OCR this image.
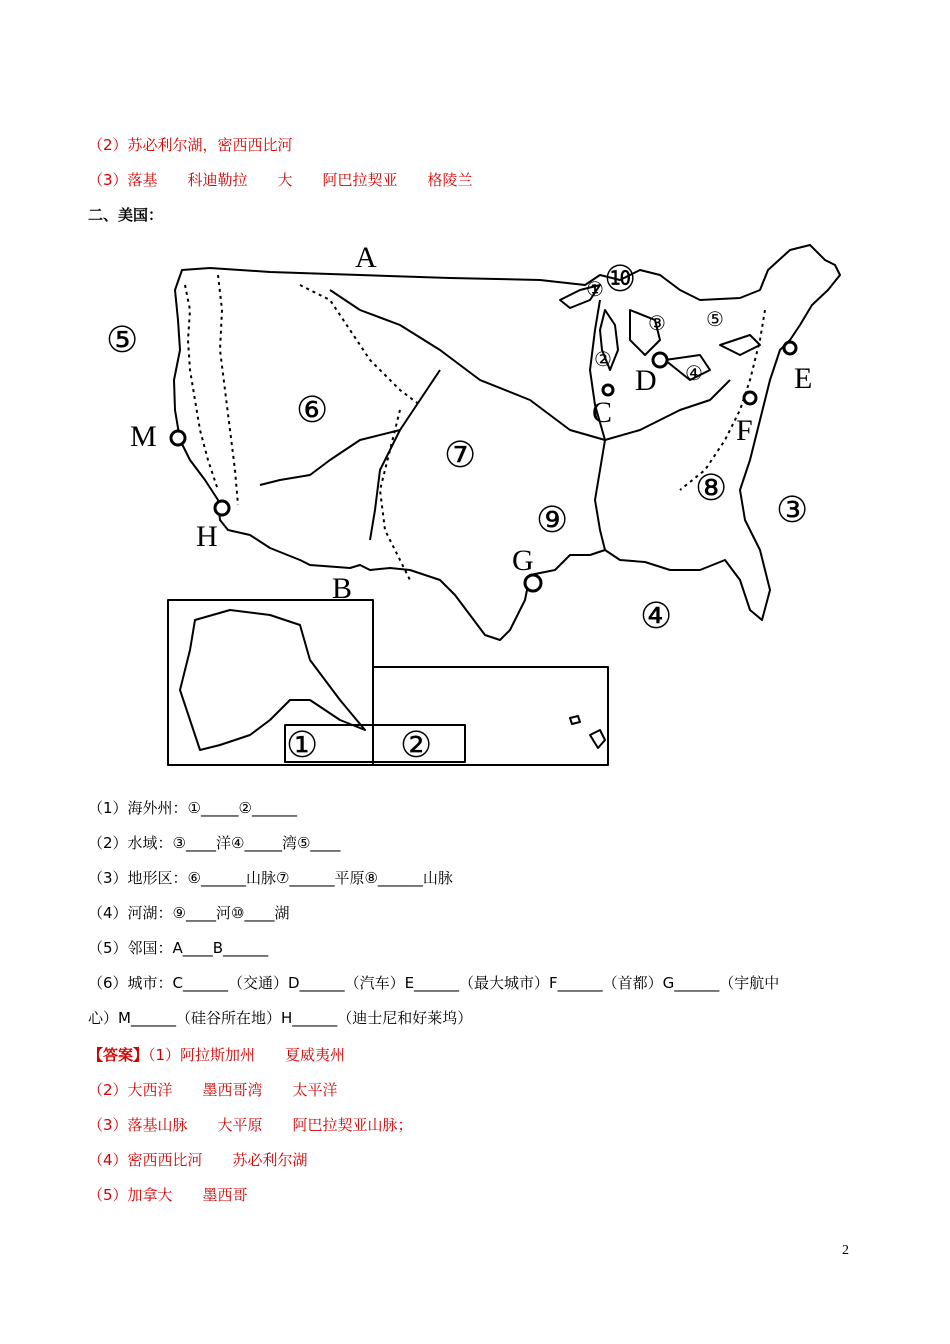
（2）苏必利尔湖，密西西比河
（3）落基　　科迪勒拉　　大　　阿巴拉契亚　　格陵兰
二、美国：
A
B
C
D	E
F
G
H
M
⑤
⑥
⑦
⑧
⑨	③
④
⑩
① ②
①
②
③
④
⑤
（1）海外州：①_____②______
（2）水域：③____洋④_____湾⑤____
（3）地形区：⑥______山脉⑦______平原⑧______山脉
（4）河湖：⑨____河⑩____湖
（5）邻国：A____B______
（6）城市：C______（交通）D______（汽车）E______（最大城市）F______（首都）G______（宇航中
心）M______（硅谷所在地）H______（迪士尼和好莱坞）
【答案】（1）阿拉斯加州　　夏威夷州
（2）大西洋　　墨西哥湾　　太平洋
（3）落基山脉　　大平原　　阿巴拉契亚山脉；
（4）密西西比河　　苏必利尔湖
（5）加拿大　　墨西哥
2
